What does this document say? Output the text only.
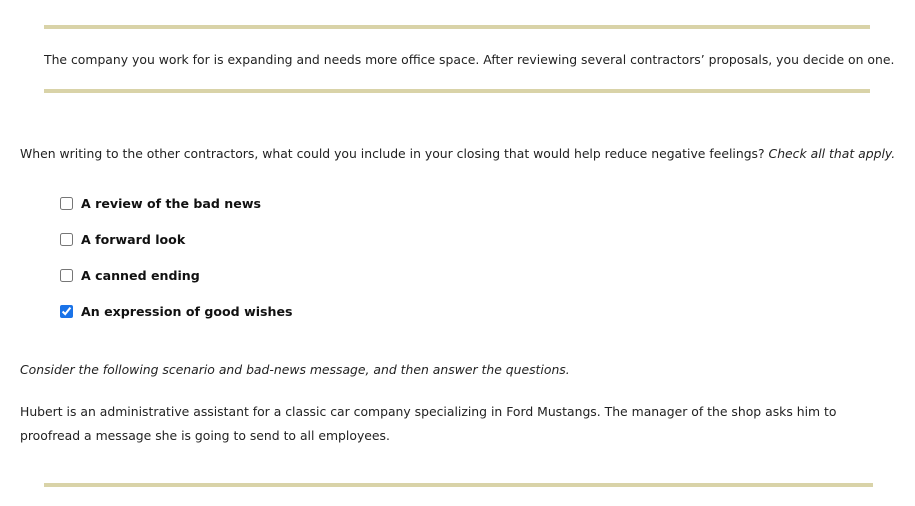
The company you work for is expanding and needs more office space. After reviewing several contractors’ proposals, you decide on one.
When writing to the other contractors, what could you include in your closing that would help reduce negative feelings? Check all that apply.
A review of the bad news
A forward look
A canned ending
An expression of good wishes
Consider the following scenario and bad-news message, and then answer the questions.
Hubert is an administrative assistant for a classic car company specializing in Ford Mustangs. The manager of the shop asks him to proofread a message she is going to send to all employees.
